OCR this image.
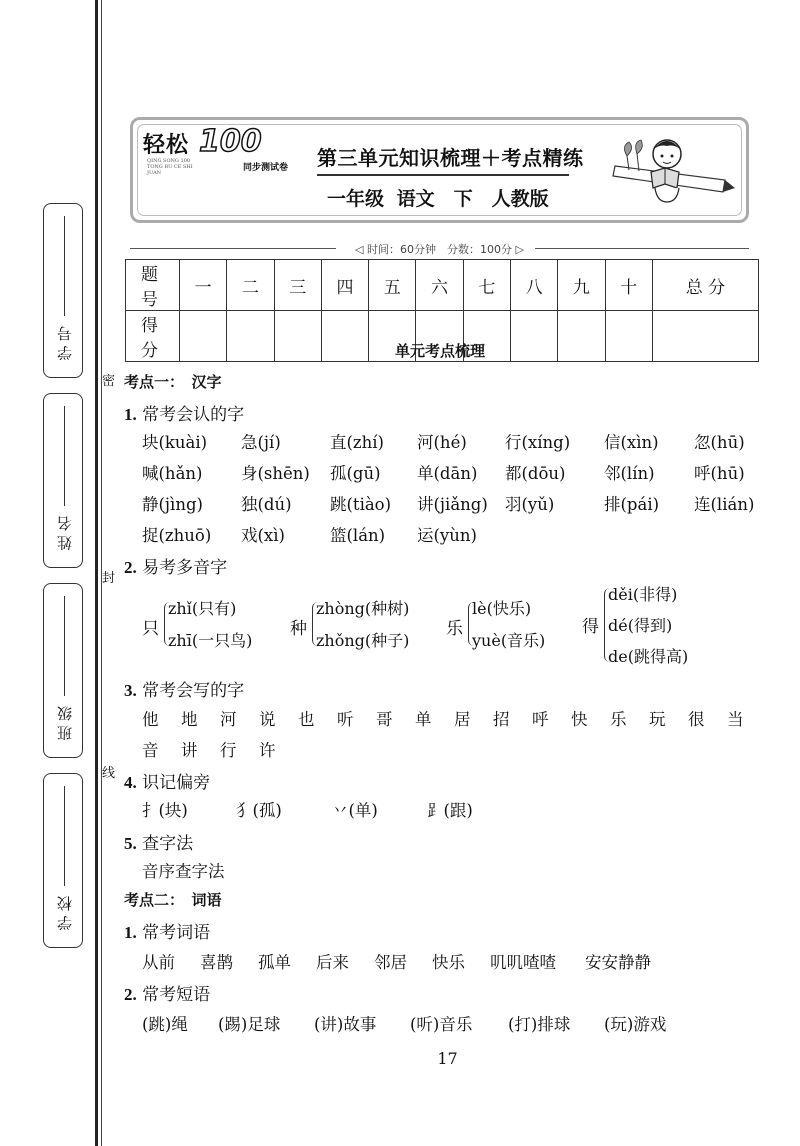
密
封
线
学 号
姓 名
班 级
学 校
轻松 100
QING SONG 100 TONG BU CE SHI JUAN	同步测试卷 第三单元知识梳理＋考点精练
一年级 语文　下　人教版
◁ 时间：60分钟　分数：100分 ▷
题 号	一	二	三	四	五	六	七	八	九	十	总 分
得 分												单元考点梳理
考点一：　汉字
1. 常考会认的字
块(kuài) 急(jí)	直(zhí) 河(hé) 行(xíng) 信(xìn) 忽(hū)
喊(hǎn) 身(shēn) 孤(gū) 单(dān) 都(dōu) 邻(lín) 呼(hū)
静(jìng) 独(dú) 跳(tiào) 讲(jiǎng) 羽(yǔ)	排(pái) 连(lián)
捉(zhuō) 戏(xì)	篮(lán) 运(yùn)
2. 易考多音字
只
zhǐ(只有)
zhī(一只鸟)
种
zhòng(种树)
zhǒng(种子)
乐
lè(快乐)
yuè(音乐)
得
děi(非得)
dé(得到)
de(跳得高)
3. 常考会写的字
他 地 河 说 也 听 哥 单 居 招 呼 快 乐 玩 很 当
音 讲 行 许
4. 识记偏旁
扌(块)	犭(孤)	丷(单)	⻊(跟)
5. 查字法
音序查字法
考点二：　词语
1. 常考词语
从前 喜鹊 孤单 后来 邻居 快乐 叽叽喳喳 安安静静
2. 常考短语
(跳)绳 (踢)足球 (讲)故事 (听)音乐 (打)排球 (玩)游戏
17
